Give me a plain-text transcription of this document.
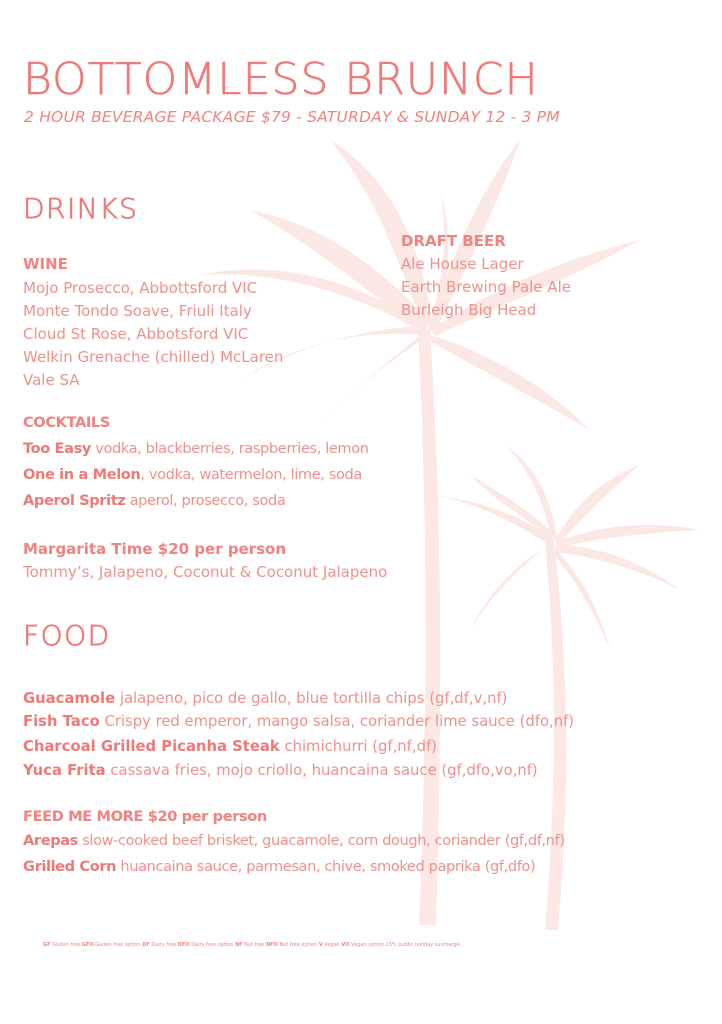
BOTTOMLESS BRUNCH
2 HOUR BEVERAGE PACKAGE $79 - SATURDAY & SUNDAY 12 - 3 PM
DRINKS
WINE
Mojo Prosecco, Abbottsford VIC
Monte Tondo Soave, Friuli Italy
Cloud St Rose, Abbotsford VIC
Welkin Grenache (chilled) McLaren
Vale SA
DRAFT BEER
Ale House Lager
Earth Brewing Pale Ale
Burleigh Big Head
COCKTAILS
Too Easy vodka, blackberries, raspberries, lemon
One in a Melon, vodka, watermelon, lime, soda
Aperol Spritz aperol, prosecco, soda
Margarita Time $20 per person
Tommy’s, Jalapeno, Coconut & Coconut Jalapeno
FOOD
Guacamole jalapeno, pico de gallo, blue tortilla chips (gf,df,v,nf)
Fish Taco Crispy red emperor, mango salsa, coriander lime sauce (dfo,nf)
Charcoal Grilled Picanha Steak chimichurri (gf,nf,df)
Yuca Frita cassava fries, mojo criollo, huancaina sauce (gf,dfo,vo,nf)
FEED ME MORE $20 per person
Arepas slow-cooked beef brisket, guacamole, corn dough, coriander (gf,df,nf)
Grilled Corn huancaina sauce, parmesan, chive, smoked paprika (gf,dfo)
GF Gluten free GFO Gluten free option DF Dairy free DFO Dairy free option NF Nut free NFO Nut free option V Vegan VO Vegan option 15% public holiday surcharge.
